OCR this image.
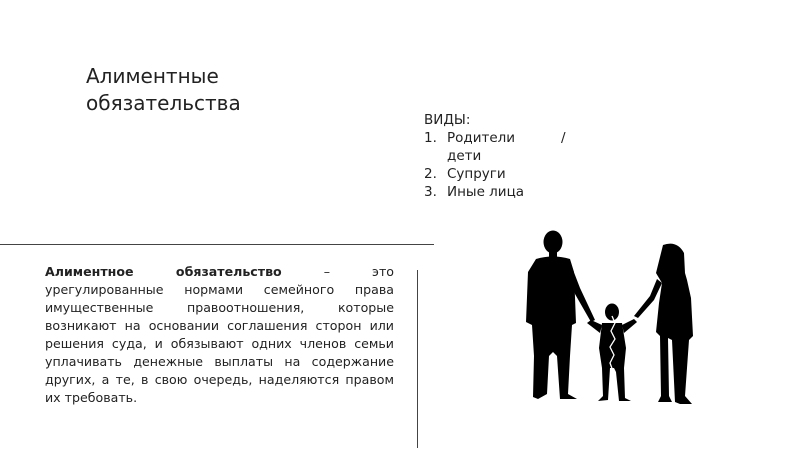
Алиментные
обязательства
ВИДЫ:
1. Родители	/

дети
2. Супруги
3. Иные лица
Алиментное обязательство – это урегулированные нормами семейного права имущественные правоотношения, которые возникают на основании соглашения сторон или решения суда, и обязывают одних членов семьи уплачивать денежные выплаты на содержание других, а те, в свою очередь, наделяются правом их требовать.
